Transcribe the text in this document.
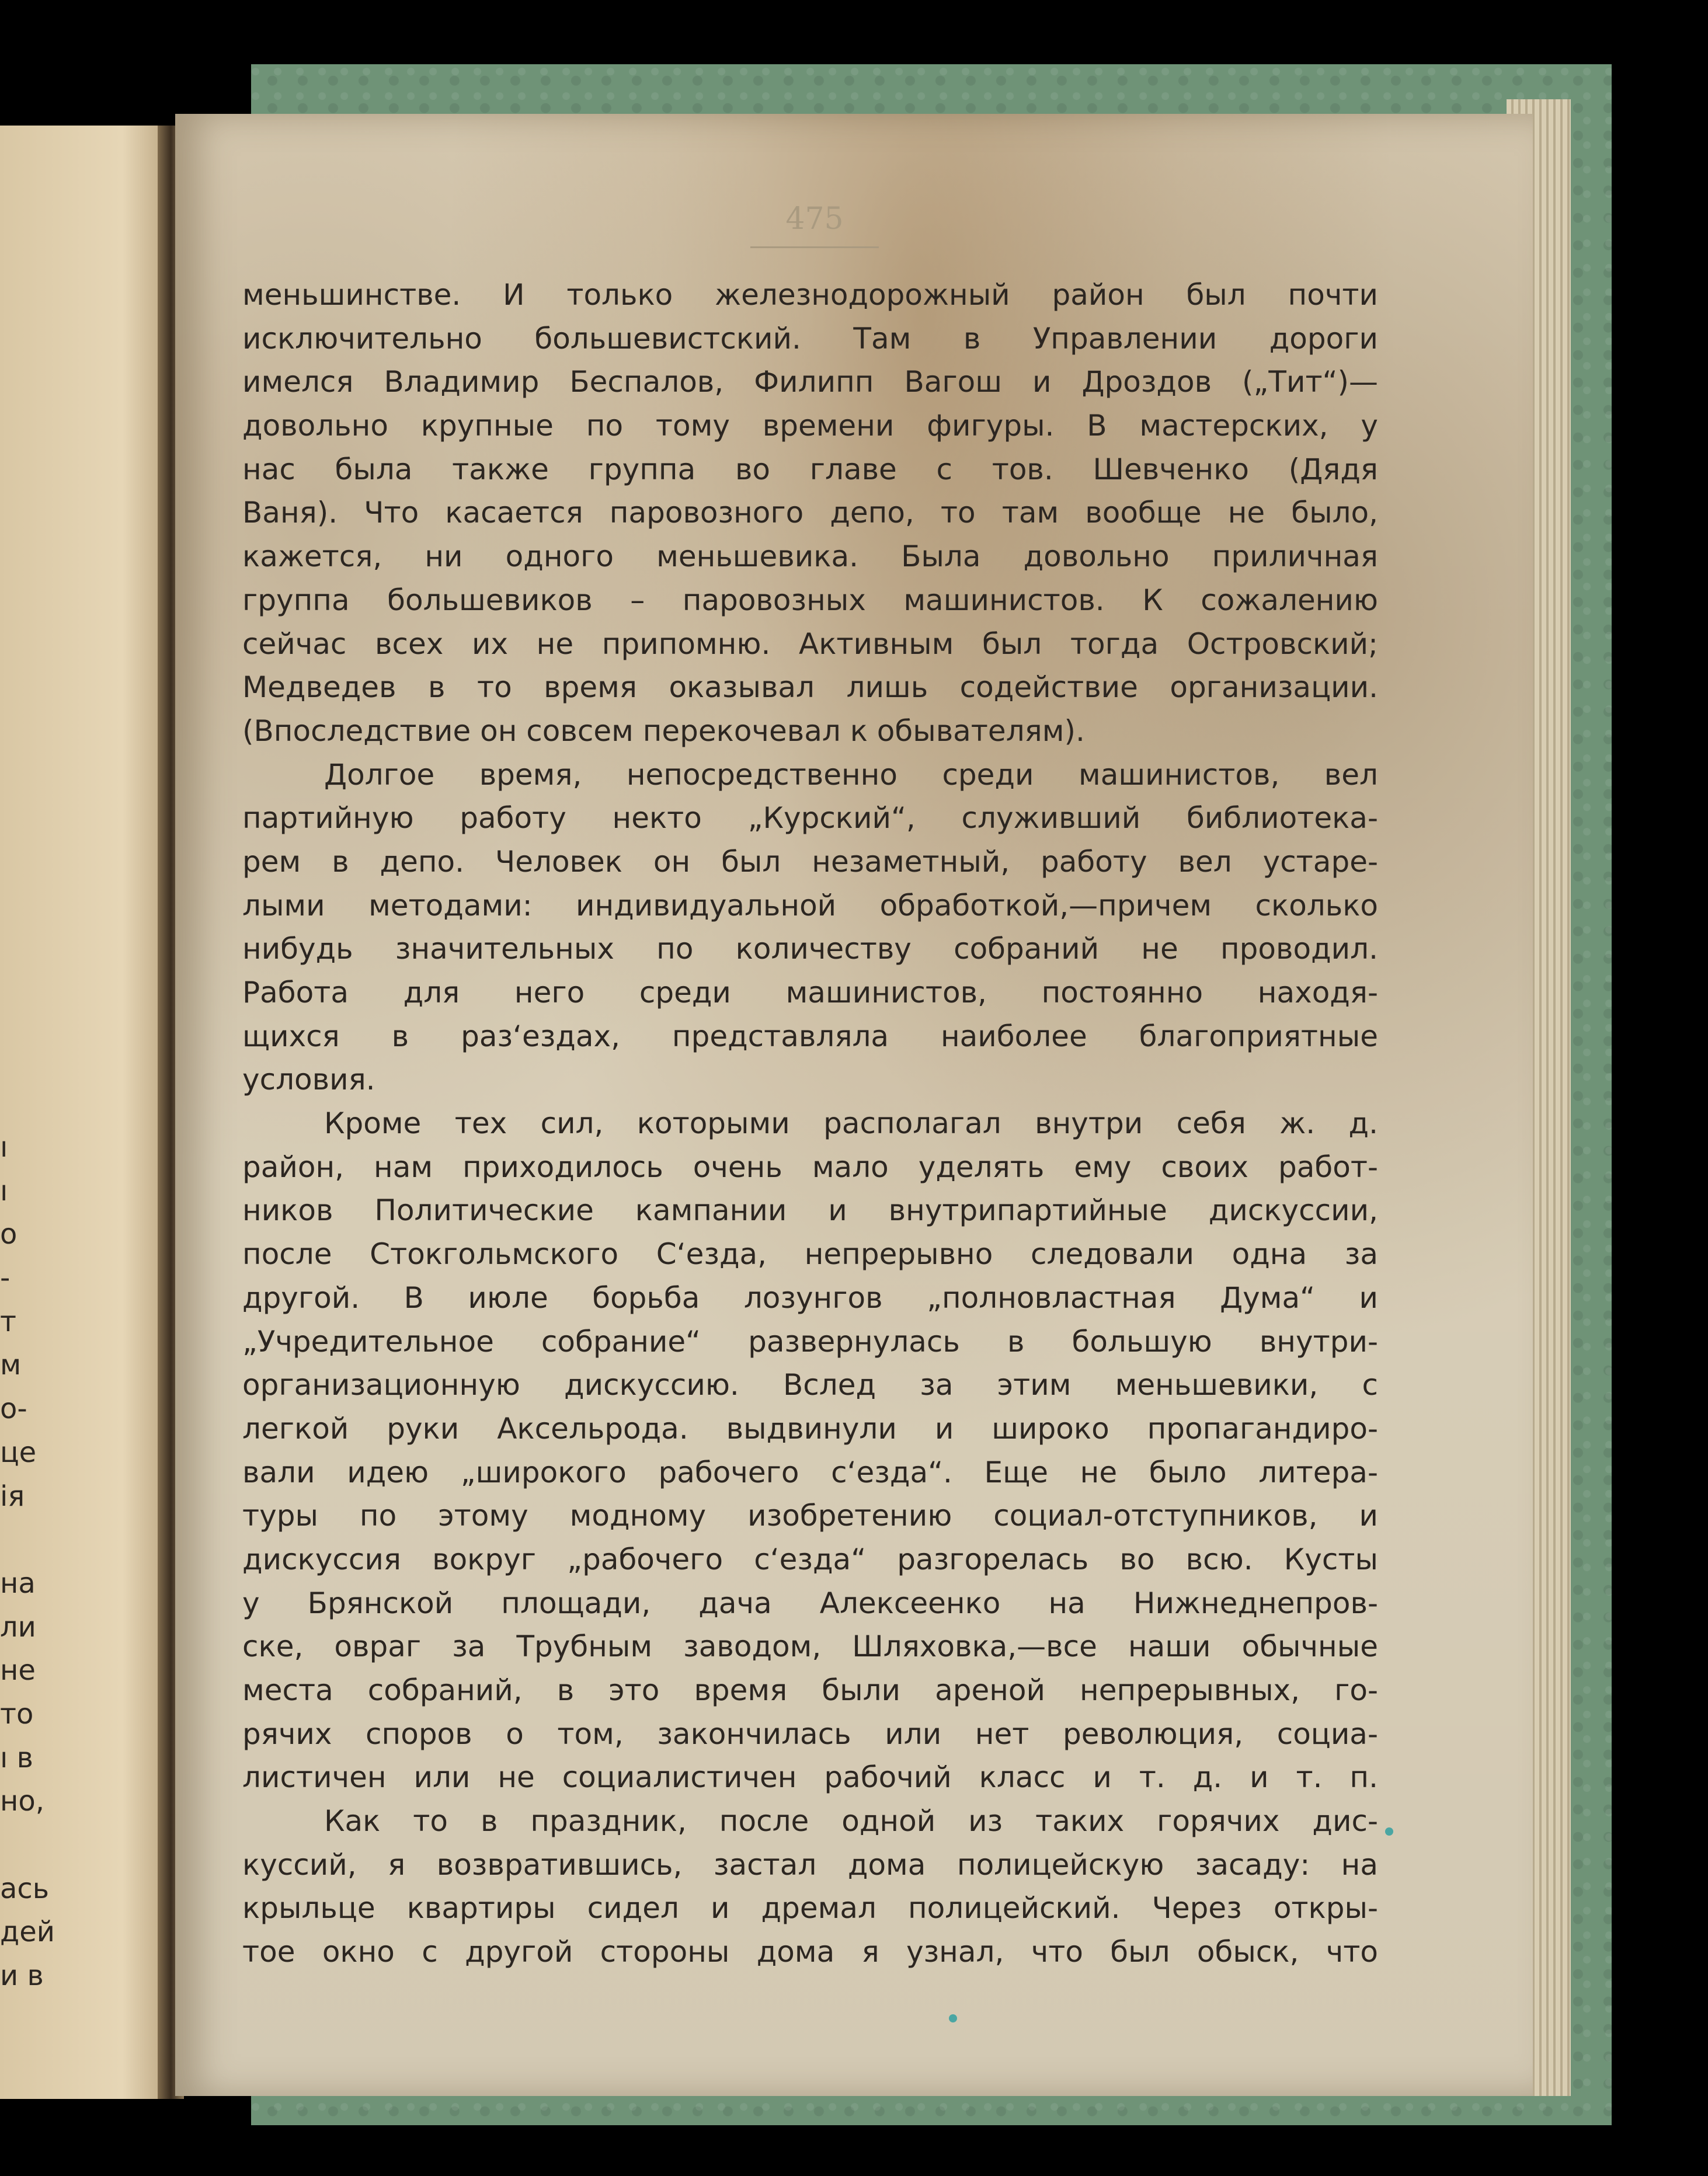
475
меньшинстве. И только железнодорожный район был почти
исключительно большевистский. Там в Управлении дороги
имелся Владимир Беспалов, Филипп Вагош и Дроздов („Тит“)—
довольно крупные по тому времени фигуры. В мастерских, у
нас была также группа во главе с тов. Шевченко (Дядя
Ваня). Что касается паровозного депо, то там вообще не было,
кажется, ни одного меньшевика. Была довольно приличная
группа большевиков – паровозных машинистов. К сожалению
сейчас всех их не припомню. Активным был тогда Островский;
Медведев в то время оказывал лишь содействие организации.
(Впоследствие он совсем перекочевал к обывателям).
Долгое время, непосредственно среди машинистов, вел
партийную работу некто „Курский“, служивший библиотека-
рем в депо. Человек он был незаметный, работу вел устаре-
лыми методами: индивидуальной обработкой,—причем сколько
нибудь значительных по количеству собраний не проводил.
Работа для него среди машинистов, постоянно находя-
щихся в раз‘ездах, представляла наиболее благоприятные
условия.
Кроме тех сил, которыми располагал внутри себя ж. д.
район, нам приходилось очень мало уделять ему своих работ-
ников Политические кампании и внутрипартийные дискуссии,
после Стокгольмского С‘езда, непрерывно следовали одна за
другой. В июле борьба лозунгов „полновластная Дума“ и
„Учредительное собрание“ развернулась в большую внутри-
организационную дискуссию. Вслед за этим меньшевики, с
легкой руки Аксельрода. выдвинули и широко пропагандиро-
вали идею „широкого рабочего с‘езда“. Еще не было литера-
туры по этому модному изобретению социал-отступников, и
дискуссия вокруг „рабочего с‘езда“ разгорелась во всю. Кусты
у Брянской площади, дача Алексеенко на Нижнеднепров-
ске, овраг за Трубным заводом, Шляховка,—все наши обычные
места собраний, в это время были ареной непрерывных, го-
рячих споров о том, закончилась или нет революция, социа-
листичен или не социалистичен рабочий класс и т. д. и т. п.
Как то в праздник, после одной из таких горячих дис-
куссий, я возвратившись, застал дома полицейскую засаду: на
крыльце квартиры сидел и дремал полицейский. Через откры-
тое окно с другой стороны дома я узнал, что был обыск, что
ı
ı
o
-
т
м
о-
це
ія
на
ли
не
то
ı в
но,
ась
дей
и в
